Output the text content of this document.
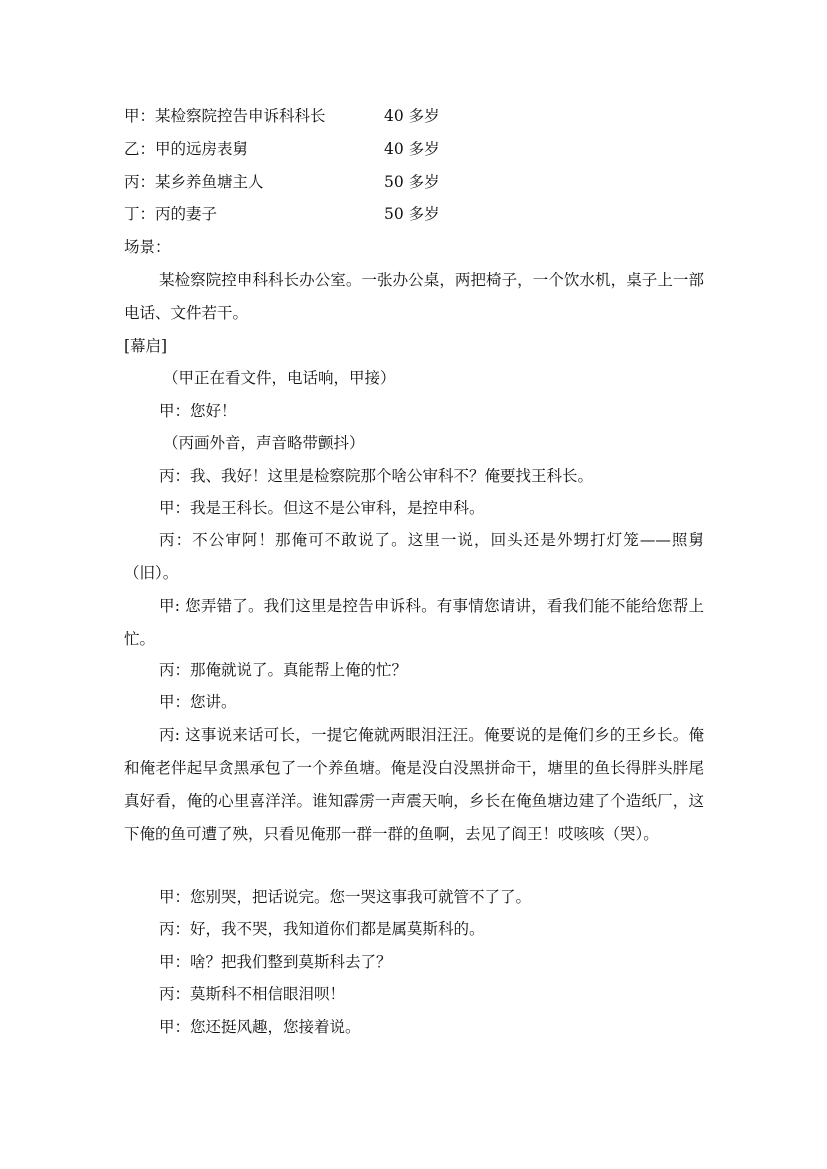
甲：某检察院控告申诉科科长	40 多岁
乙：甲的远房表舅	40 多岁
丙：某乡养鱼塘主人	50 多岁
丁：丙的妻子	50 多岁
场景：
某检察院控申科科长办公室。一张办公桌，两把椅子，一个饮水机，桌子上一部电话、文件若干。
[幕启]
（甲正在看文件，电话响，甲接）
甲：您好！
（丙画外音，声音略带颤抖）
丙：我、我好！这里是检察院那个啥公审科不？俺要找王科长。
甲：我是王科长。但这不是公审科，是控申科。
丙：不公审阿！那俺可不敢说了。这里一说，回头还是外甥打灯笼——照舅（旧）。
甲: 您弄错了。我们这里是控告申诉科。有事情您请讲，看我们能不能给您帮上忙。
丙：那俺就说了。真能帮上俺的忙？
甲：您讲。
丙: 这事说来话可长，一提它俺就两眼泪汪汪。俺要说的是俺们乡的王乡长。俺和俺老伴起早贪黑承包了一个养鱼塘。俺是没白没黑拼命干，塘里的鱼长得胖头胖尾真好看，俺的心里喜洋洋。谁知霹雳一声震天响，乡长在俺鱼塘边建了个造纸厂，这下俺的鱼可遭了殃，只看见俺那一群一群的鱼啊，去见了阎王！哎咳咳（哭）。
甲：您别哭，把话说完。您一哭这事我可就管不了了。
丙：好，我不哭，我知道你们都是属莫斯科的。
甲：啥？把我们整到莫斯科去了？
丙：莫斯科不相信眼泪呗！
甲：您还挺风趣，您接着说。
